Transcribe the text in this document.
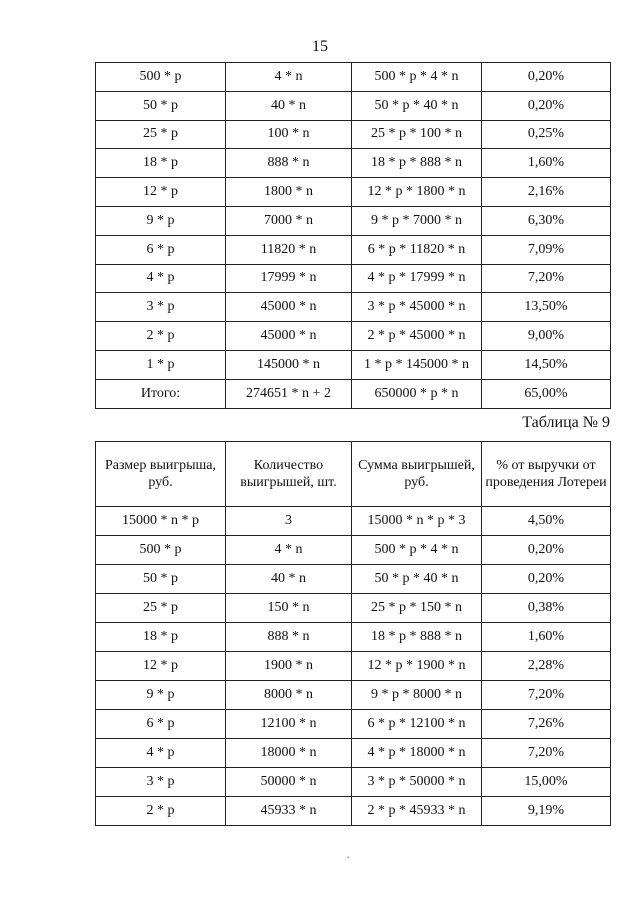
15
500 * p	4 * n	500 * p * 4 * n	0,20%
50 * p	40 * n	50 * p * 40 * n	0,20%
25 * p	100 * n	25 * p * 100 * n	0,25%
18 * p	888 * n	18 * p * 888 * n	1,60%
12 * p	1800 * n	12 * p * 1800 * n	2,16%
9 * p	7000 * n	9 * p * 7000 * n	6,30%
6 * p	11820 * n	6 * p * 11820 * n	7,09%
4 * p	17999 * n	4 * p * 17999 * n	7,20%
3 * p	45000 * n	3 * p * 45000 * n	13,50%
2 * p	45000 * n	2 * p * 45000 * n	9,00%
1 * p	145000 * n	1 * p * 145000 * n	14,50%
Итого:	274651 * n + 2	650000 * p * n	65,00%
Таблица № 9
Размер выигрыша, руб.	Количество выигрышей, шт.	Сумма выигрышей, руб.	% от выручки от проведения Лотереи
15000 * n * p	3	15000 * n * p * 3	4,50%
500 * p	4 * n	500 * p * 4 * n	0,20%
50 * p	40 * n	50 * p * 40 * n	0,20%
25 * p	150 * n	25 * p * 150 * n	0,38%
18 * p	888 * n	18 * p * 888 * n	1,60%
12 * p	1900 * n	12 * p * 1900 * n	2,28%
9 * p	8000 * n	9 * p * 8000 * n	7,20%
6 * p	12100 * n	6 * p * 12100 * n	7,26%
4 * p	18000 * n	4 * p * 18000 * n	7,20%
3 * p	50000 * n	3 * p * 50000 * n	15,00%
2 * p	45933 * n	2 * p * 45933 * n	9,19%
.
